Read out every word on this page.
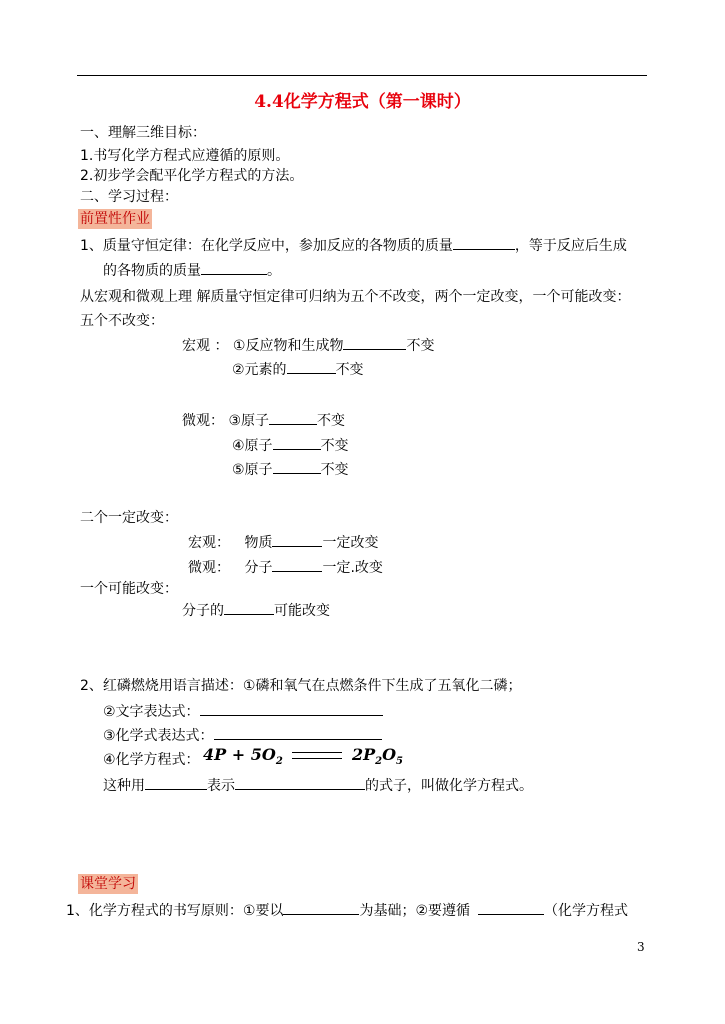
4.4化学方程式（第一课时）
一、理解三维目标：
1.书写化学方程式应遵循的原则。
2.初步学会配平化学方程式的方法。
二、学习过程：
前置性作业
1、质量守恒定律：在化学反应中，参加反应的各物质的质量	，等于反应后生成
的各物质的质量	。
从宏观和微观上理 解质量守恒定律可归纳为五个不改变，两个一定改变，一个可能改变：
五个不改变：
宏观 ： ①反应物和生成物	不变
②元素的	不变
微观： ③原子	不变
④原子	不变
⑤原子	不变
二个一定改变：
宏观： 物质	一定改变
微观： 分子	一定.改变
一个可能改变：
分子的	可能改变
2、红磷燃烧用语言描述：①磷和氧气在点燃条件下生成了五氧化二磷；
②文字表达式：
③化学式表达式：
④化学方程式： $4P + 5O_2$	$2P_2O_5$
这种用	表示	的式子，叫做化学方程式。
课堂学习
1、化学方程式的书写原则：①要以	为基础；②要遵循	（化学方程式
3
